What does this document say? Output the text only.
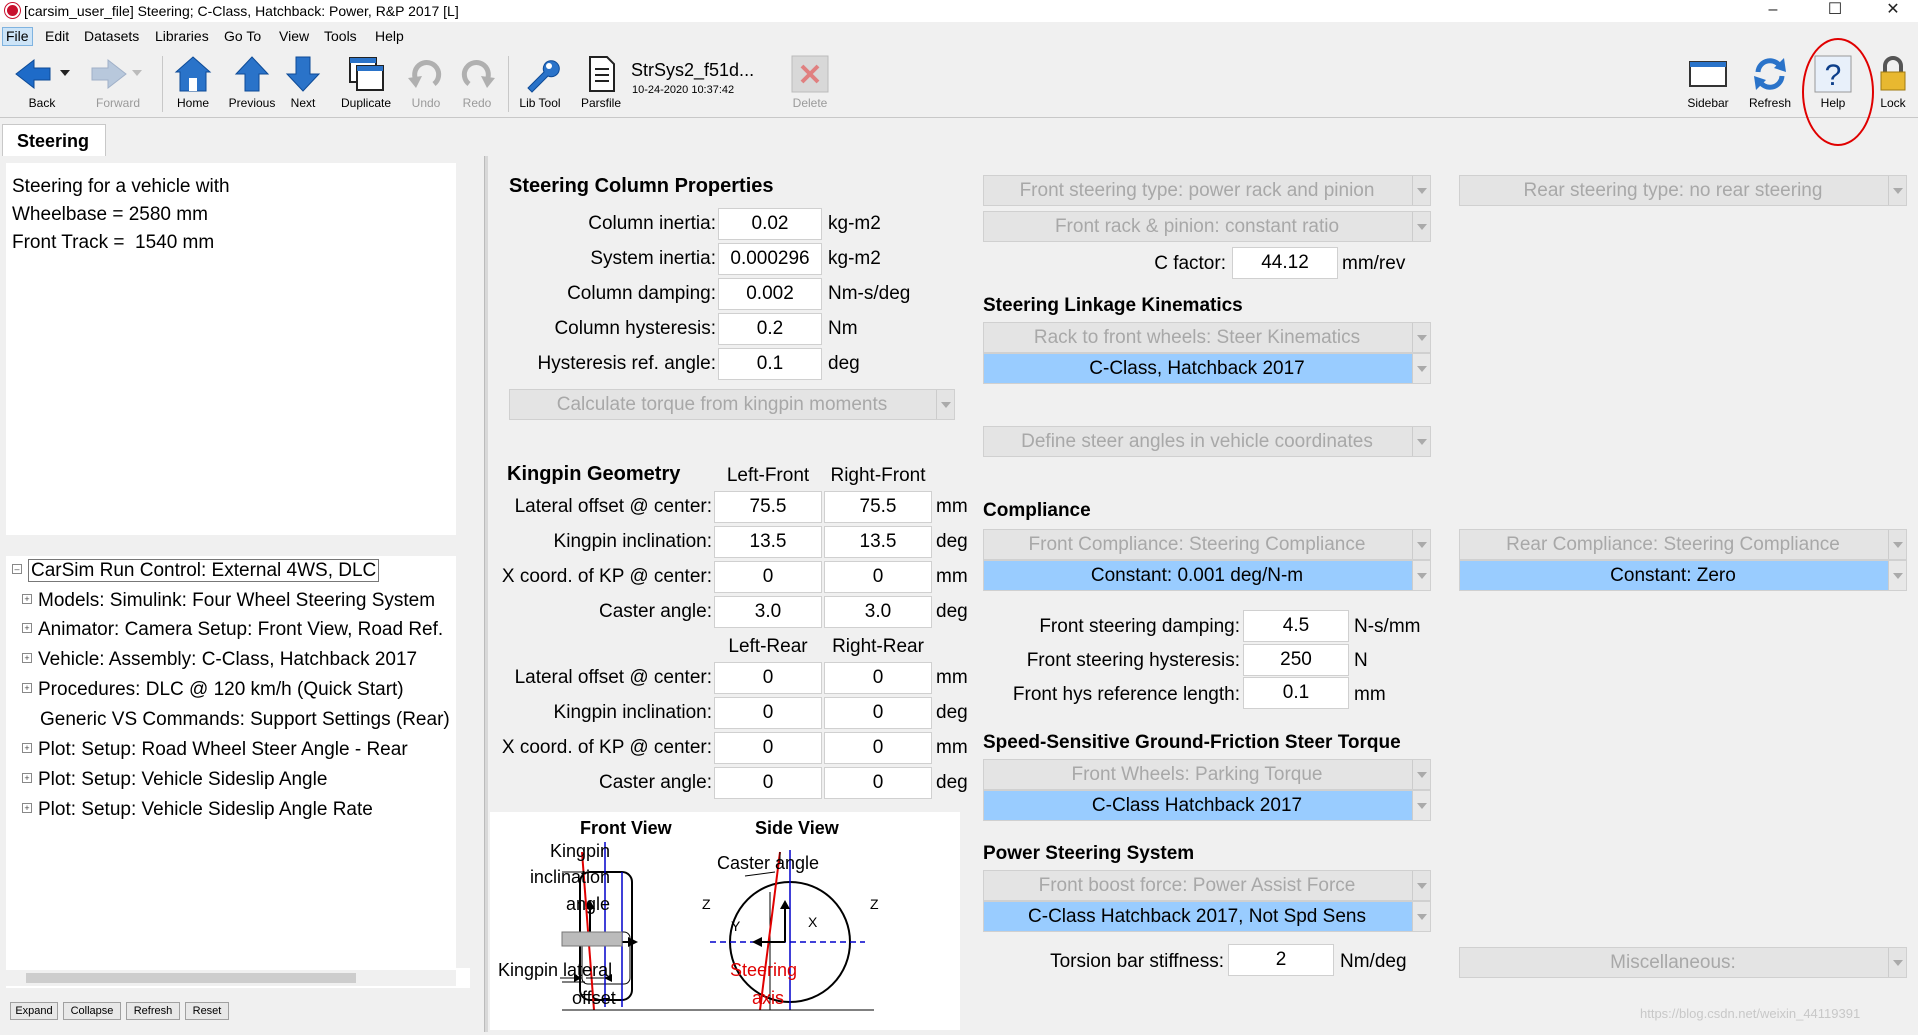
[carsim_user_file] Steering; C-Class, Hatchback: Power, R&P 2017 [L]	–	☐	✕
File Edit Datasets Libraries Go To View Tools Help
Back	Forward	Home	Previous	Next	Duplicate	Undo	Redo	Lib Tool	Parsfile	Delete	Sidebar	Refresh
?
Help	Lock
StrSys2_f51d...
10-24-2020 10:37:42
Steering
Steering for a vehicle with
Wheelbase = 2580 mm
Front Track =  1540 mm
– CarSim Run Control: External 4WS, DLC
+ Models: Simulink: Four Wheel Steering System
+ Animator: Camera Setup: Front View, Road Ref.
+ Vehicle: Assembly: C-Class, Hatchback 2017
+ Procedures: DLC @ 120 km/h (Quick Start)
Generic VS Commands: Support Settings (Rear)
+ Plot: Setup: Road Wheel Steer Angle - Rear
+ Plot: Setup: Vehicle Sideslip Angle
+ Plot: Setup: Vehicle Sideslip Angle Rate
Expand	Collapse	Refresh	Reset
Steering Column Properties
Column inertia:	0.02	kg-m2
System inertia: 0.000296 kg-m2
Column damping:	0.002	Nm-s/deg
Column hysteresis:	0.2	Nm
Hysteresis ref. angle:	0.1	deg
Calculate torque from kingpin moments
Kingpin Geometry	Left-Front	Right-Front
Lateral offset @ center:	75.5	75.5	mm
Kingpin inclination:	13.5	13.5	deg
X coord. of KP @ center:	0	0	mm
Caster angle:	3.0	3.0	deg
Left-Rear	Right-Rear
Lateral offset @ center:	0	0	mm
Kingpin inclination:	0	0	deg
X coord. of KP @ center:	0	0	mm
Caster angle:	0	0	deg
Front View	Side View
Kingpin
inclination
angle
Kingpin lateral
offset
Caster angle
Steering
axis
Z
Y
Z
X
Front steering type: power rack and pinion	Rear steering type: no rear steering
Front rack & pinion: constant ratio
C factor:	44.12	mm/rev
Steering Linkage Kinematics
Rack to front wheels: Steer Kinematics
C-Class, Hatchback 2017
Define steer angles in vehicle coordinates
Compliance
Front Compliance: Steering Compliance
Constant: 0.001 deg/N-m
Rear Compliance: Steering Compliance
Constant: Zero
Front steering damping:	4.5	N-s/mm
Front steering hysteresis:	250	N
Front hys reference length:	0.1	mm
Speed-Sensitive Ground-Friction Steer Torque
Front Wheels: Parking Torque
C-Class Hatchback 2017
Power Steering System
Front boost force: Power Assist Force
C-Class Hatchback 2017, Not Spd Sens
Torsion bar stiffness:	2	Nm/deg	Miscellaneous:
https://blog.csdn.net/weixin_44119391
